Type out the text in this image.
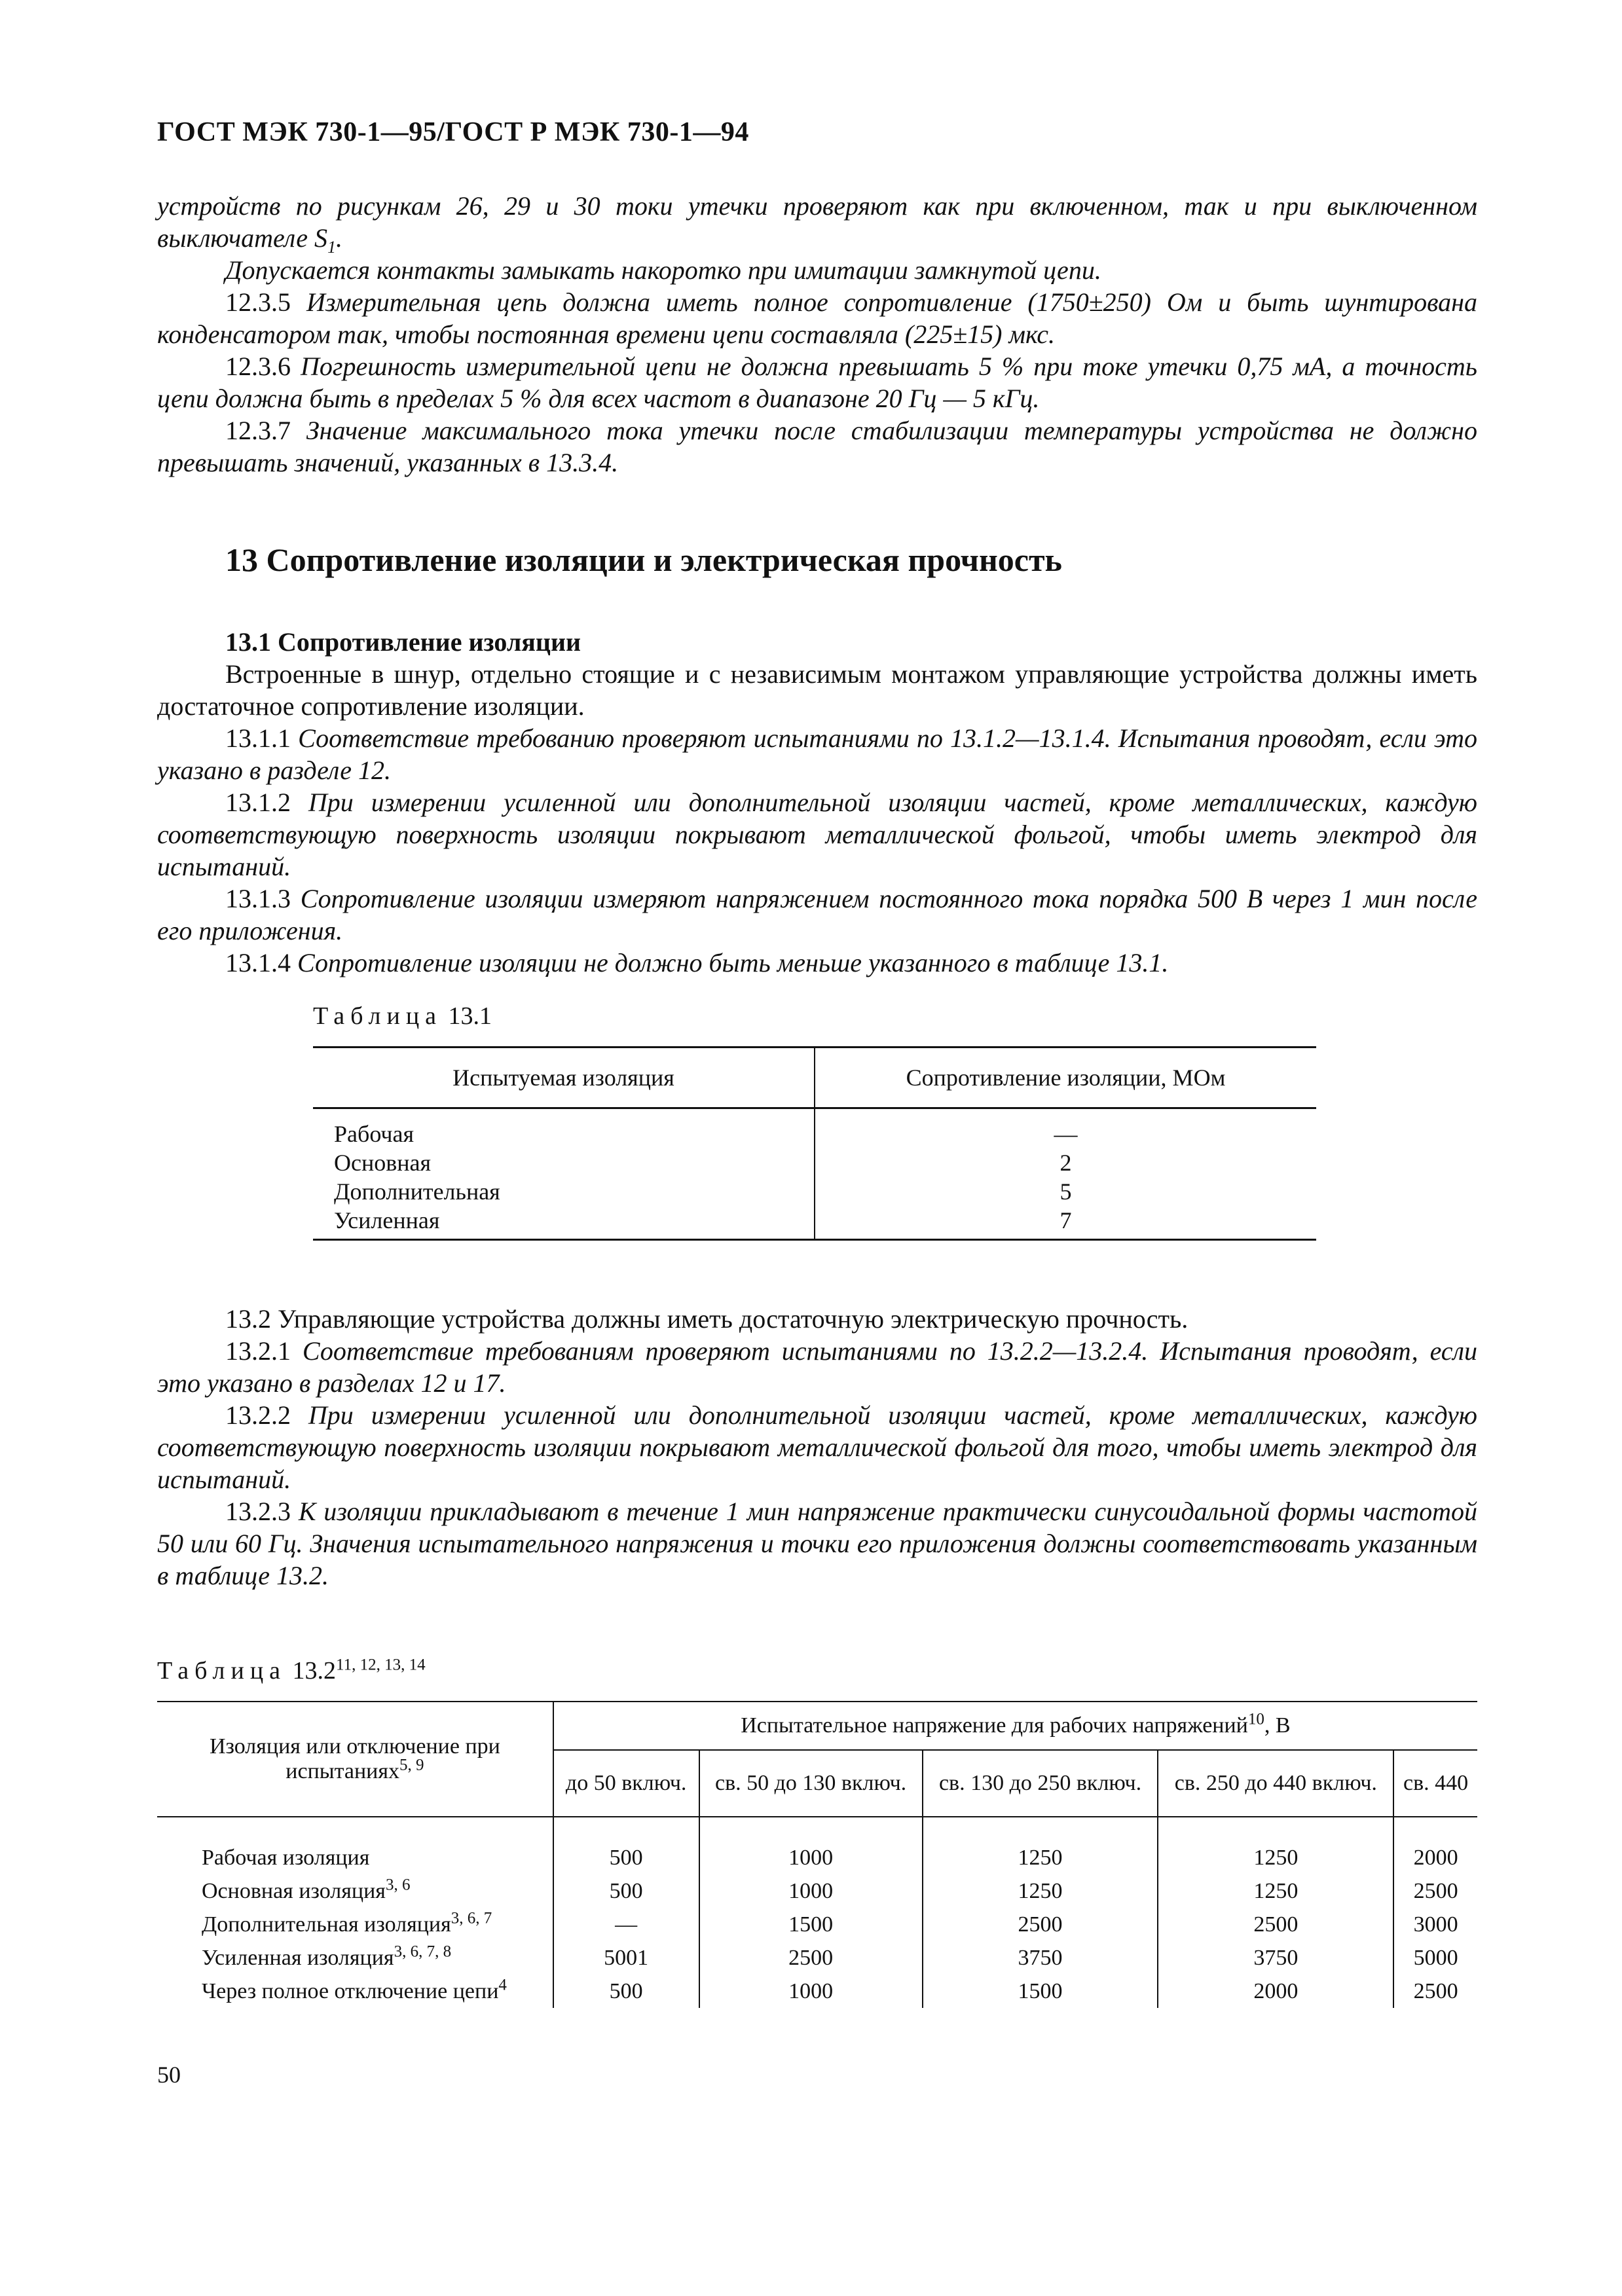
ГОСТ МЭК 730-1—95/ГОСТ Р МЭК 730-1—94

устройств по рисункам 26, 29 и 30 токи утечки проверяют как при включенном, так и при выключенном выключателе $S_1$.

Допускается контакты замыкать накоротко при имитации замкнутой цепи.

12.3.5 Измерительная цепь должна иметь полное сопротивление (1750±250) Ом и быть шунтирована конденсатором так, чтобы постоянная времени цепи составляла (225±15) мкс.

12.3.6 Погрешность измерительной цепи не должна превышать 5 % при токе утечки 0,75 мА, а точность цепи должна быть в пределах 5 % для всех частот в диапазоне 20 Гц — 5 кГц.

12.3.7 Значение максимального тока утечки после стабилизации температуры устройства не должно превышать значений, указанных в 13.3.4.

13 Сопротивление изоляции и электрическая прочность

13.1 Сопротивление изоляции

Встроенные в шнур, отдельно стоящие и с независимым монтажом управляющие устройства должны иметь достаточное сопротивление изоляции.

13.1.1 Соответствие требованию проверяют испытаниями по 13.1.2—13.1.4. Испытания проводят, если это указано в разделе 12.

13.1.2 При измерении усиленной или дополнительной изоляции частей, кроме металлических, каждую соответствующую поверхность изоляции покрывают металлической фольгой, чтобы иметь электрод для испытаний.

13.1.3 Сопротивление изоляции измеряют напряжением постоянного тока порядка 500 В через 1 мин после его приложения.

13.1.4 Сопротивление изоляции не должно быть меньше указанного в таблице 13.1.

Таблица 13.1
Испытуемая изоляция	Сопротивление изоляции, МОм
Рабочая	—
Основная	2
Дополнительная	5
Усиленная	7

13.2 Управляющие устройства должны иметь достаточную электрическую прочность.

13.2.1 Соответствие требованиям проверяют испытаниями по 13.2.2—13.2.4. Испытания проводят, если это указано в разделах 12 и 17.

13.2.2 При измерении усиленной или дополнительной изоляции частей, кроме металлических, каждую соответствующую поверхность изоляции покрывают металлической фольгой для того, чтобы иметь электрод для испытаний.

13.2.3 К изоляции прикладывают в течение 1 мин напряжение практически синусоидальной формы частотой 50 или 60 Гц. Значения испытательного напряжения и точки его приложения должны соответствовать указанным в таблице 13.2.

Таблица 13.2$^{11, 12, 13, 14}$
Изоляция или отключение при испытаниях$^{5, 9}$	Испытательное напряжение для рабочих напряжений$^{10}$, В				
	до 50 включ.	св. 50 до 130 включ.	св. 130 до 250 включ.	св. 250 до 440 включ.	св. 440
Рабочая изоляция	500	1000	1250	1250	2000
Основная изоляция$^{3, 6}$	500	1000	1250	1250	2500
Дополнительная изоляция$^{3, 6, 7}$	—	1500	2500	2500	3000
Усиленная изоляция$^{3, 6, 7, 8}$	5001	2500	3750	3750	5000
Через полное отключение цепи$^4$	500	1000	1500	2000	2500
50
